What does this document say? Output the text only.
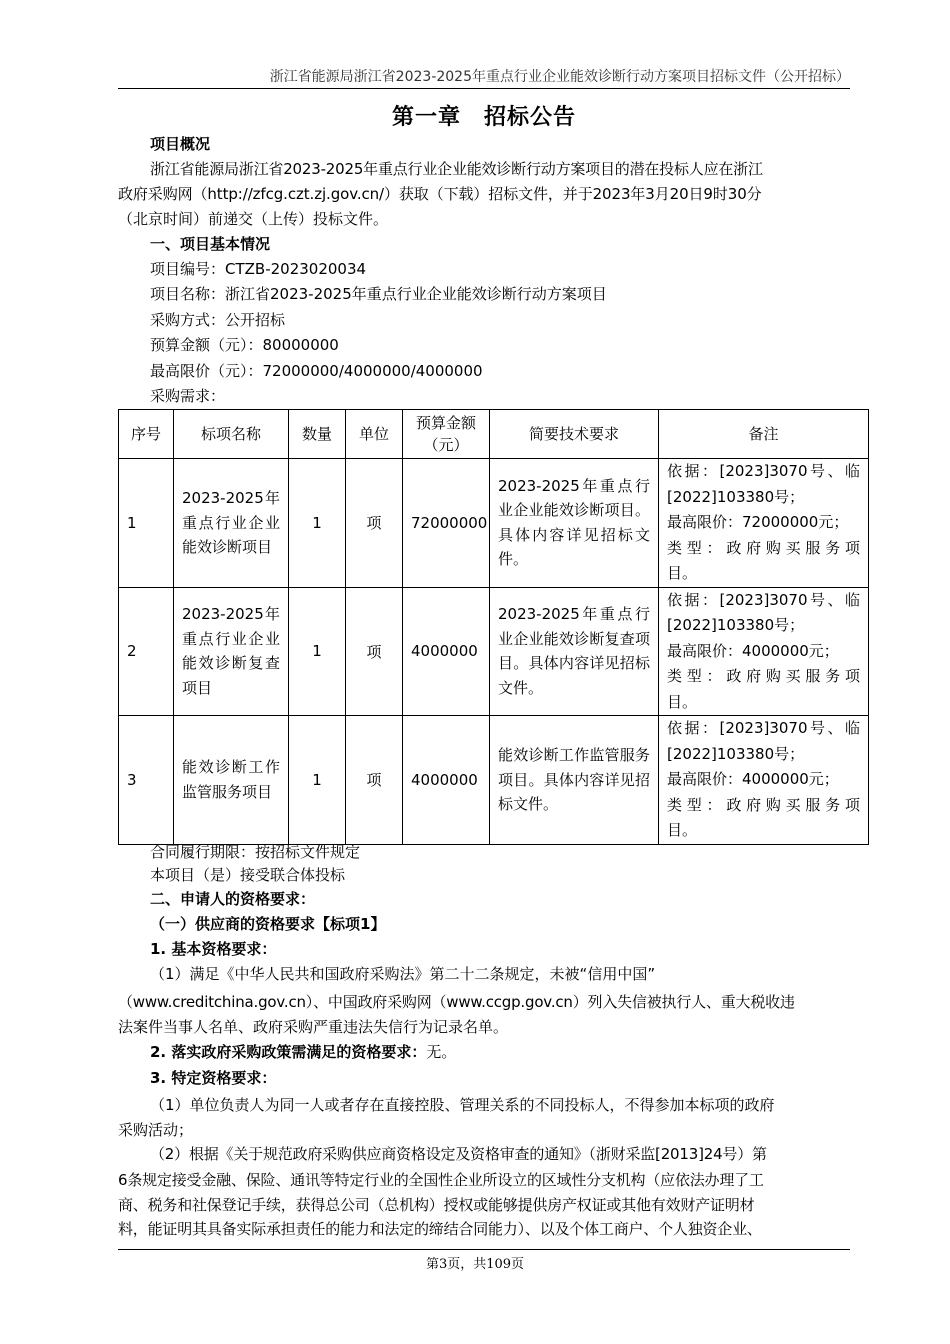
浙江省能源局浙江省2023-2025年重点行业企业能效诊断行动方案项目招标文件（公开招标）
第一章　招标公告
项目概况
浙江省能源局浙江省2023-2025年重点行业企业能效诊断行动方案项目的潜在投标人应在浙江
政府采购网（http://zfcg.czt.zj.gov.cn/）获取（下载）招标文件，并于2023年3月20日9时30分
（北京时间）前递交（上传）投标文件。
一、项目基本情况
项目编号：CTZB-2023020034
项目名称：浙江省2023-2025年重点行业企业能效诊断行动方案项目
采购方式：公开招标
预算金额（元）：80000000
最高限价（元）：72000000/4000000/4000000
采购需求：
序号	标项名称	数量	单位	预算金额（元）	简要技术要求	备注
1	2023-2025年重点行业企业能效诊断项目	1	项	72000000	2023-2025年重点行业企业能效诊断项目。具体内容详见招标文件。	依据：[2023]3070号、临
[2022]103380号；
最高限价：72000000元；
类型：政府购买服务项
目。

2	2023-2025年重点行业企业能效诊断复查项目	1	项	4000000	2023-2025年重点行业企业能效诊断复查项目。具体内容详见招标文件。	依据：[2023]3070号、临
[2022]103380号；
最高限价：4000000元；
类型：政府购买服务项
目。

3	能效诊断工作监管服务项目	1	项	4000000	能效诊断工作监管服务项目。具体内容详见招标文件。	依据：[2023]3070号、临
[2022]103380号；
最高限价：4000000元；
类型：政府购买服务项
目。
合同履行期限：按招标文件规定
本项目（是）接受联合体投标
二、申请人的资格要求：
（一）供应商的资格要求【标项1】
1. 基本资格要求：
（1）满足《中华人民共和国政府采购法》第二十二条规定，未被“信用中国”
（www.creditchina.gov.cn）、中国政府采购网（www.ccgp.gov.cn）列入失信被执行人、重大税收违
法案件当事人名单、政府采购严重违法失信行为记录名单。
2. 落实政府采购政策需满足的资格要求：无。
3. 特定资格要求：
（1）单位负责人为同一人或者存在直接控股、管理关系的不同投标人，不得参加本标项的政府
采购活动；
（2）根据《关于规范政府采购供应商资格设定及资格审查的通知》（浙财采监[2013]24号）第
6条规定接受金融、保险、通讯等特定行业的全国性企业所设立的区域性分支机构（应依法办理了工
商、税务和社保登记手续，获得总公司（总机构）授权或能够提供房产权证或其他有效财产证明材
料，能证明其具备实际承担责任的能力和法定的缔结合同能力）、以及个体工商户、个人独资企业、
第3页，共109页
